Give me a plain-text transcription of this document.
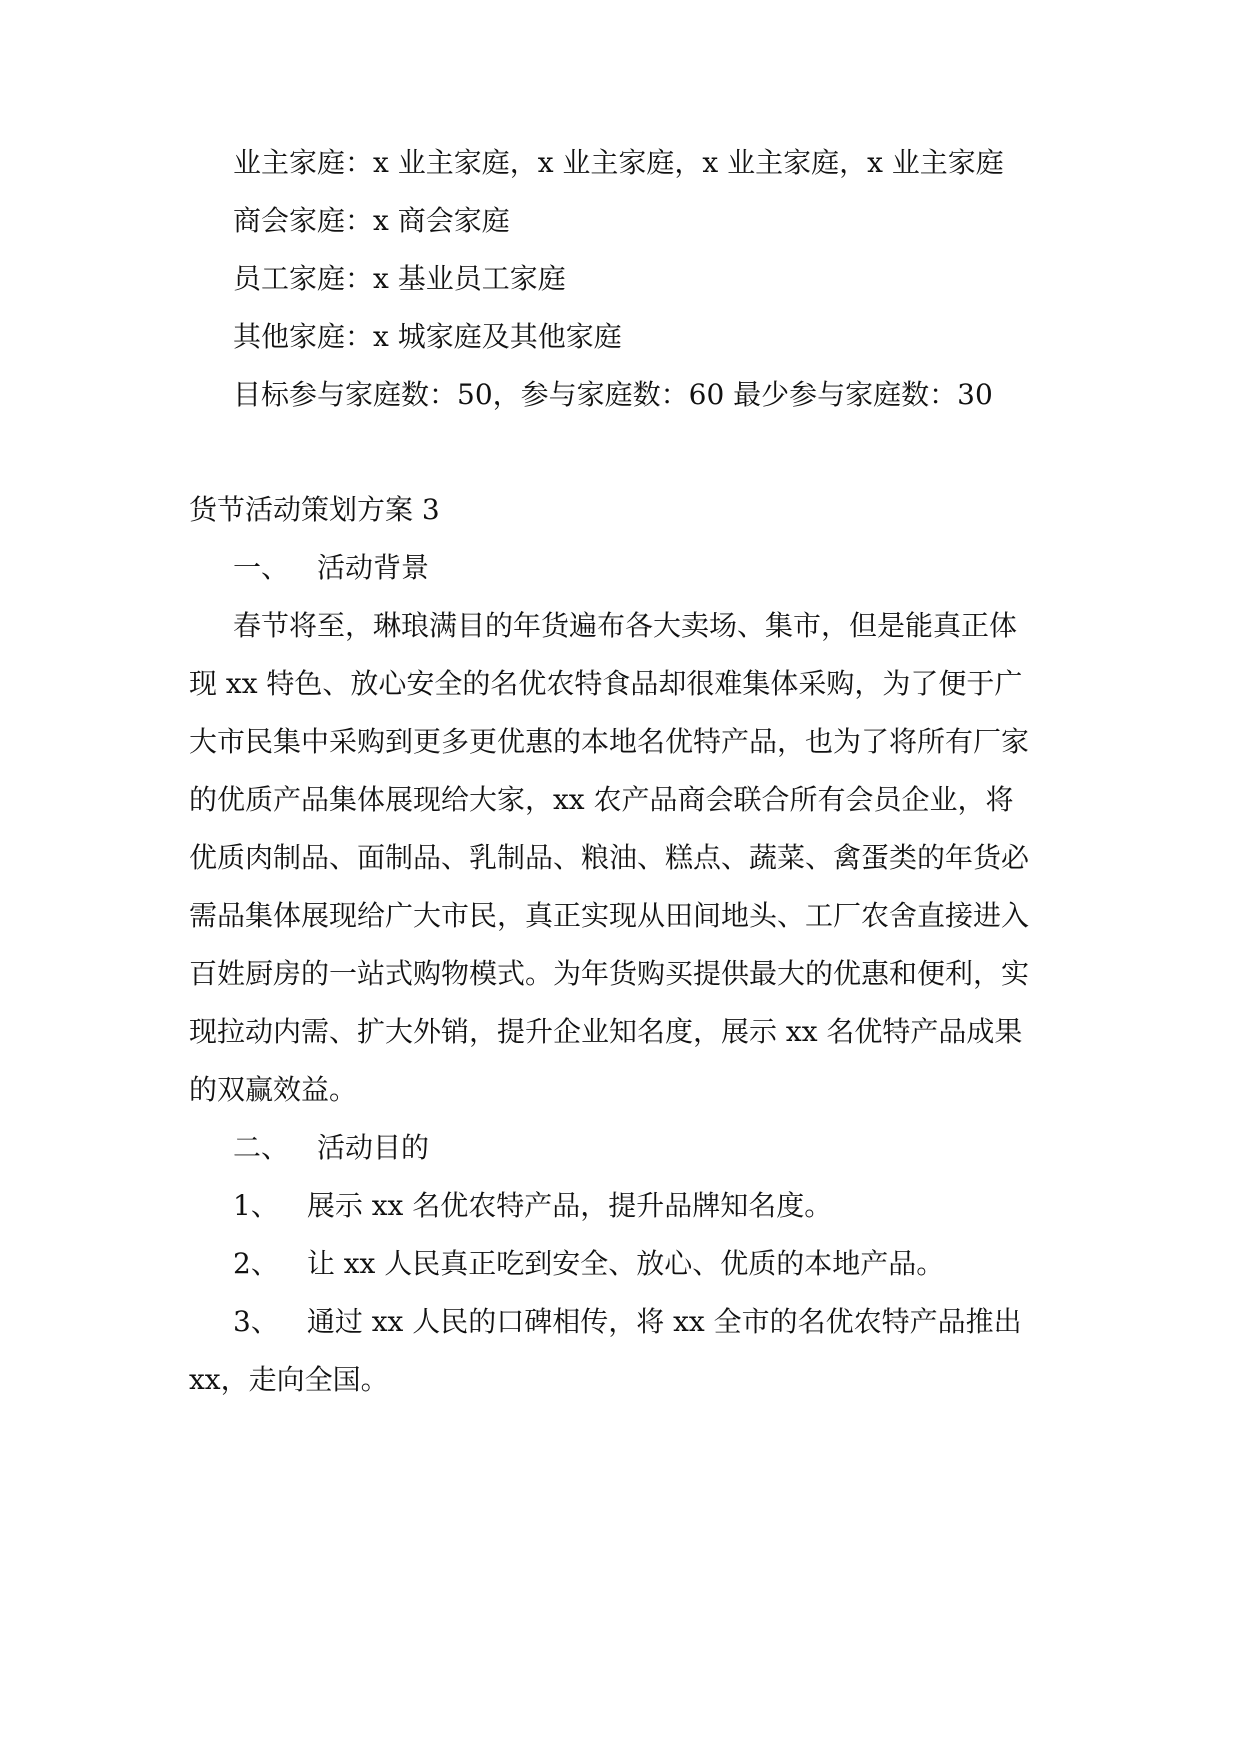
业主家庭：x 业主家庭，x 业主家庭，x 业主家庭，x 业主家庭
商会家庭：x 商会家庭
员工家庭：x 基业员工家庭
其他家庭：x 城家庭及其他家庭
目标参与家庭数：50，参与家庭数：60 最少参与家庭数：30
货节活动策划方案 3
一、 活动背景
春节将至，琳琅满目的年货遍布各大卖场、集市，但是能真正体
现 xx 特色、放心安全的名优农特食品却很难集体采购，为了便于广
大市民集中采购到更多更优惠的本地名优特产品，也为了将所有厂家
的优质产品集体展现给大家，xx 农产品商会联合所有会员企业，将
优质肉制品、面制品、乳制品、粮油、糕点、蔬菜、禽蛋类的年货必
需品集体展现给广大市民，真正实现从田间地头、工厂农舍直接进入
百姓厨房的一站式购物模式。为年货购买提供最大的优惠和便利，实
现拉动内需、扩大外销，提升企业知名度，展示 xx 名优特产品成果
的双赢效益。
二、 活动目的
1、 展示 xx 名优农特产品，提升品牌知名度。
2、 让 xx 人民真正吃到安全、放心、优质的本地产品。
3、 通过 xx 人民的口碑相传，将 xx 全市的名优农特产品推出
xx，走向全国。
